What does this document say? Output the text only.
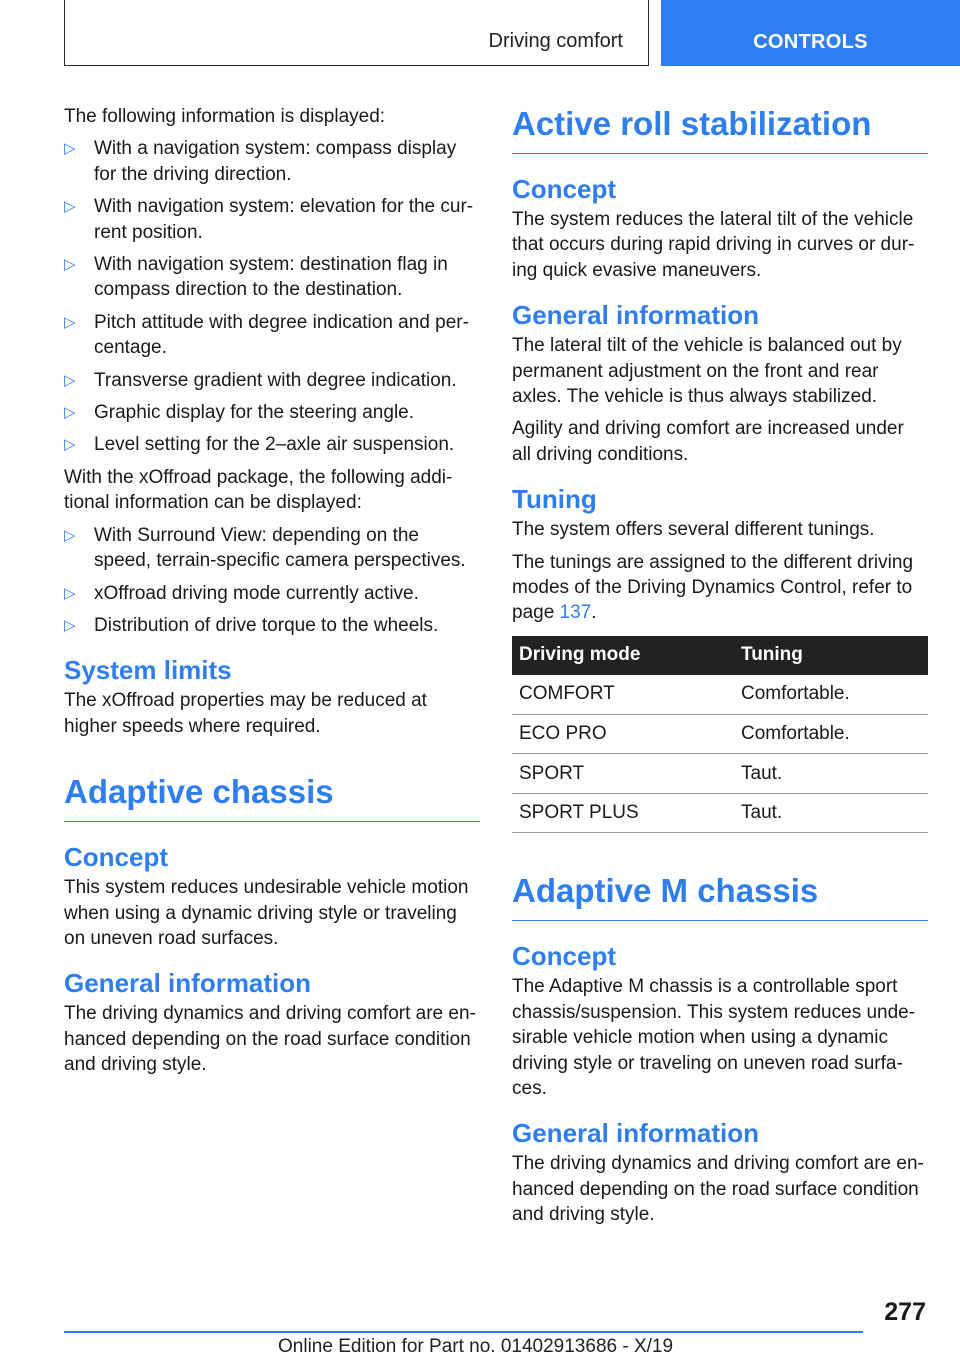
Driving comfort	CONTROLS

The following information is displayed:

▷ With a navigation system: compass display for the driving direction.
▷ With navigation system: elevation for the current position.
▷ With navigation system: destination flag in compass direction to the destination.
▷ Pitch attitude with degree indication and percentage.
▷ Transverse gradient with degree indication.
▷ Graphic display for the steering angle.
▷ Level setting for the 2–axle air suspension.

With the xOffroad package, the following additional information can be displayed:

▷ With Surround View: depending on the speed, terrain-specific camera perspectives.
▷ xOffroad driving mode currently active.
▷ Distribution of drive torque to the wheels.
System limits

The xOffroad properties may be reduced at higher speeds where required.

Adaptive chassis
Concept

This system reduces undesirable vehicle motion when using a dynamic driving style or traveling on uneven road surfaces.

General information

The driving dynamics and driving comfort are enhanced depending on the road surface condition and driving style.

Active roll stabilization
Concept

The system reduces the lateral tilt of the vehicle that occurs during rapid driving in curves or during quick evasive maneuvers.

General information

The lateral tilt of the vehicle is balanced out by permanent adjustment on the front and rear axles. The vehicle is thus always stabilized.

Agility and driving comfort are increased under all driving conditions.

Tuning

The system offers several different tunings.

The tunings are assigned to the different driving modes of the Driving Dynamics Control, refer to page 137.

Driving mode	Tuning
COMFORT	Comfortable.
ECO PRO	Comfortable.
SPORT	Taut.
SPORT PLUS	Taut.
Adaptive M chassis
Concept

The Adaptive M chassis is a controllable sport chassis/suspension. This system reduces undesirable vehicle motion when using a dynamic driving style or traveling on uneven road surfaces.

General information

The driving dynamics and driving comfort are enhanced depending on the road surface condition and driving style.

277
Online Edition for Part no. 01402913686 - X/19
